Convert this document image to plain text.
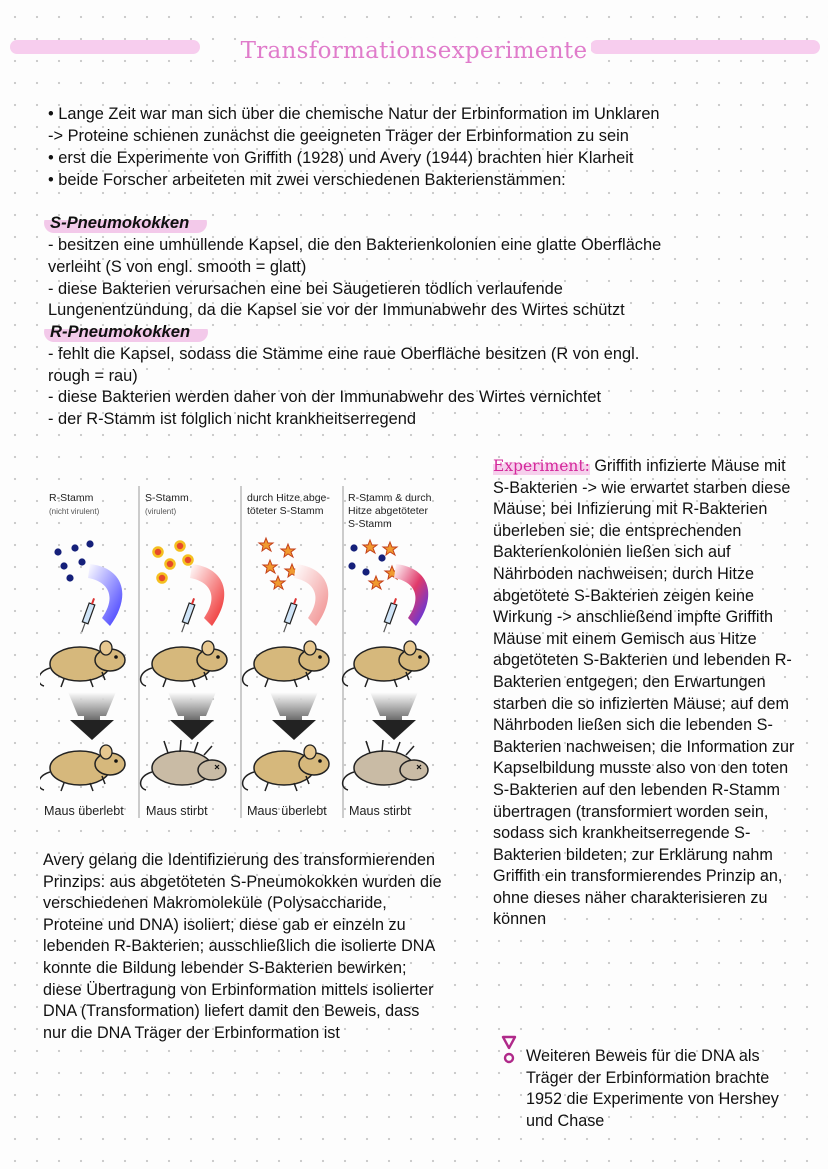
Transformationsexperimente
• Lange Zeit war man sich über die chemische Natur der Erbinformation im Unklaren
-> Proteine schienen zunächst die geeigneten Träger der Erbinformation zu sein
• erst die Experimente von Griffith (1928) und Avery (1944) brachten hier Klarheit
• beide Forscher arbeiteten mit zwei verschiedenen Bakterienstämmen:
S-Pneumokokken
- besitzen eine umhüllende Kapsel, die den Bakterienkolonien eine glatte Oberfläche
verleiht (S von engl. smooth = glatt)
- diese Bakterien verursachen eine bei Säugetieren tödlich verlaufende
Lungenentzündung, da die Kapsel sie vor der Immunabwehr des Wirtes schützt
R-Pneumokokken
- fehlt die Kapsel, sodass die Stämme eine raue Oberfläche besitzen (R von engl.
rough = rau)
- diese Bakterien werden daher von der Immunabwehr des Wirtes vernichtet
- der R-Stamm ist folglich nicht krankheitserregend
R-Stamm
(nicht virulent)
S-Stamm
(virulent)
durch Hitze abge-
töteter S-Stamm
R-Stamm & durch
Hitze abgetöteter
S-Stamm
Maus überlebt Maus stirbt	Maus überlebt Maus stirbt
Experiment: Griffith infizierte Mäuse mit S-Bakterien -> wie erwartet starben diese Mäuse; bei Infizierung mit R-Bakterien überleben sie; die entsprechenden Bakterienkolonien ließen sich auf Nährboden nachweisen; durch Hitze abgetötete S-Bakterien zeigen keine Wirkung -> anschließend impfte Griffith Mäuse mit einem Gemisch aus Hitze abgetöteten S-Bakterien und lebenden R-Bakterien entgegen; den Erwartungen starben die so infizierten Mäuse; auf dem Nährboden ließen sich die lebenden S-Bakterien nachweisen; die Information zur Kapselbildung musste also von den toten S-Bakterien auf den lebenden R-Stamm übertragen (transformiert worden sein, sodass sich krankheitserregende S-Bakterien bildeten; zur Erklärung nahm Griffith ein transformierendes Prinzip an, ohne dieses näher charakterisieren zu können
Avery gelang die Identifizierung des transformierenden Prinzips: aus abgetöteten S-Pneumokokken wurden die verschiedenen Makromoleküle (Polysaccharide, Proteine und DNA) isoliert; diese gab er einzeln zu lebenden R-Bakterien; ausschließlich die isolierte DNA konnte die Bildung lebender S-Bakterien bewirken; diese Übertragung von Erbinformation mittels isolierter DNA (Transformation) liefert damit den Beweis, dass nur die DNA Träger der Erbinformation ist
Weiteren Beweis für die DNA als Träger der Erbinformation brachte 1952 die Experimente von Hershey und Chase
